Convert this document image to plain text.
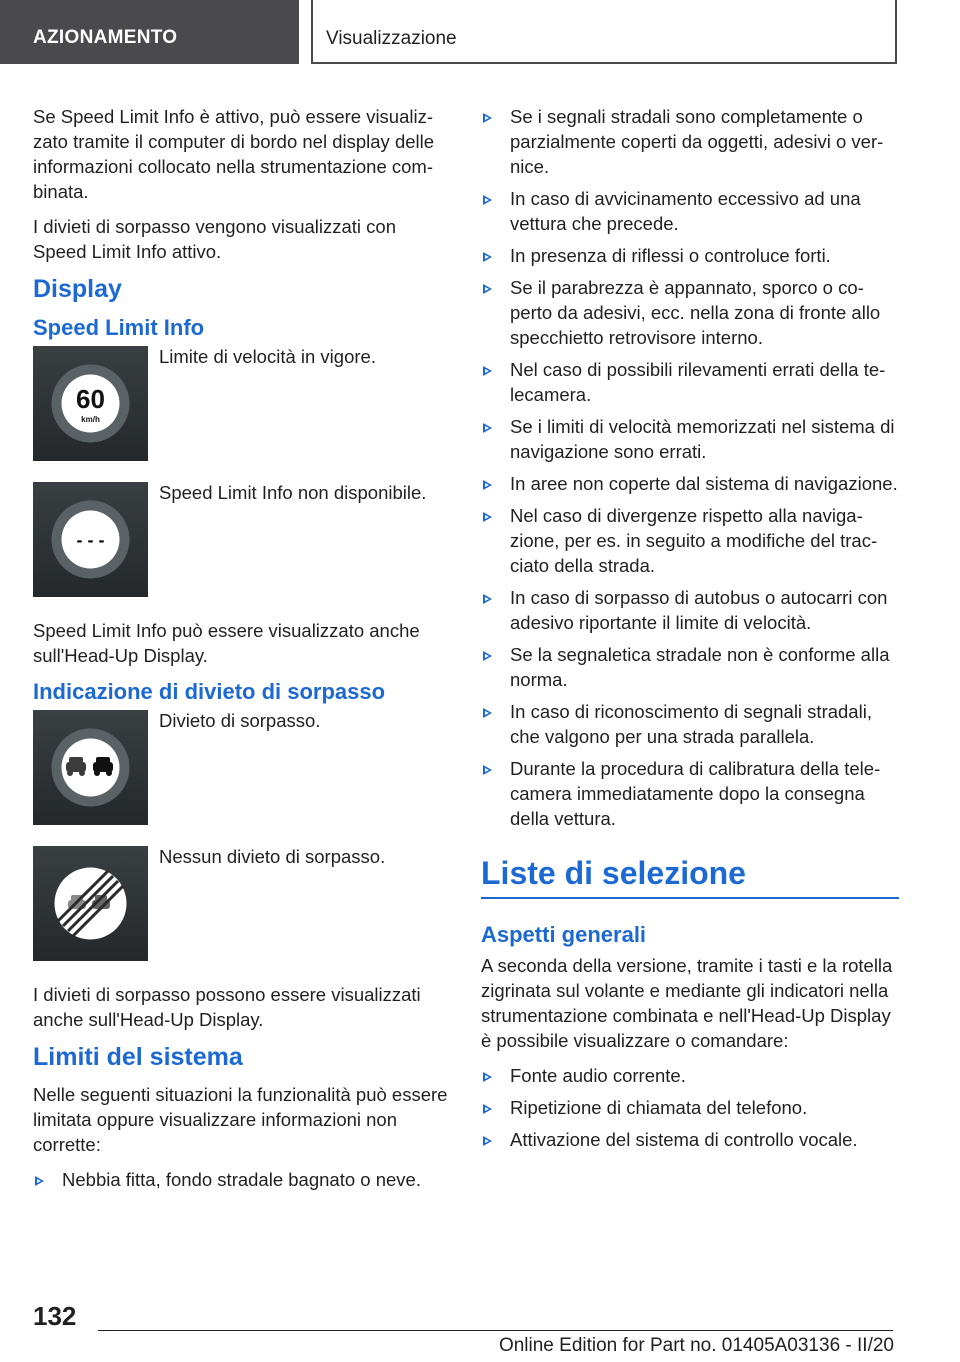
AZIONAMENTO	Visualizzazione

Se Speed Limit Info è attivo, può essere visualizzato tramite il computer di bordo nel display delle informazioni collocato nella strumentazione combinata.

I divieti di sorpasso vengono visualizzati con Speed Limit Info attivo.

Display
Speed Limit Info
60
km/h
Limite di velocità in vigore.
- - -
Speed Limit Info non disponibile.

Speed Limit Info può essere visualizzato anche sull'Head-Up Display.

Indicazione di divieto di sorpasso
Divieto di sorpasso.
Nessun divieto di sorpasso.

I divieti di sorpasso possono essere visualizzati anche sull'Head-Up Display.

Limiti del sistema

Nelle seguenti situazioni la funzionalità può essere limitata oppure visualizzare informazioni non corrette:

Nebbia fitta, fondo stradale bagnato o neve.
Se i segnali stradali sono completamente o parzialmente coperti da oggetti, adesivi o vernice.
In caso di avvicinamento eccessivo ad una vettura che precede.
In presenza di riflessi o controluce forti.
Se il parabrezza è appannato, sporco o coperto da adesivi, ecc. nella zona di fronte allo specchietto retrovisore interno.
Nel caso di possibili rilevamenti errati della telecamera.
Se i limiti di velocità memorizzati nel sistema di navigazione sono errati.
In aree non coperte dal sistema di navigazione.
Nel caso di divergenze rispetto alla navigazione, per es. in seguito a modifiche del tracciato della strada.
In caso di sorpasso di autobus o autocarri con adesivo riportante il limite di velocità.
Se la segnaletica stradale non è conforme alla norma.
In caso di riconoscimento di segnali stradali, che valgono per una strada parallela.
Durante la procedura di calibratura della telecamera immediatamente dopo la consegna della vettura.
Liste di selezione
Aspetti generali

A seconda della versione, tramite i tasti e la rotella zigrinata sul volante e mediante gli indicatori nella strumentazione combinata e nell'Head-Up Display è possibile visualizzare o comandare:

Fonte audio corrente.
Ripetizione di chiamata del telefono.
Attivazione del sistema di controllo vocale.
132
Online Edition for Part no. 01405A03136 - II/20
